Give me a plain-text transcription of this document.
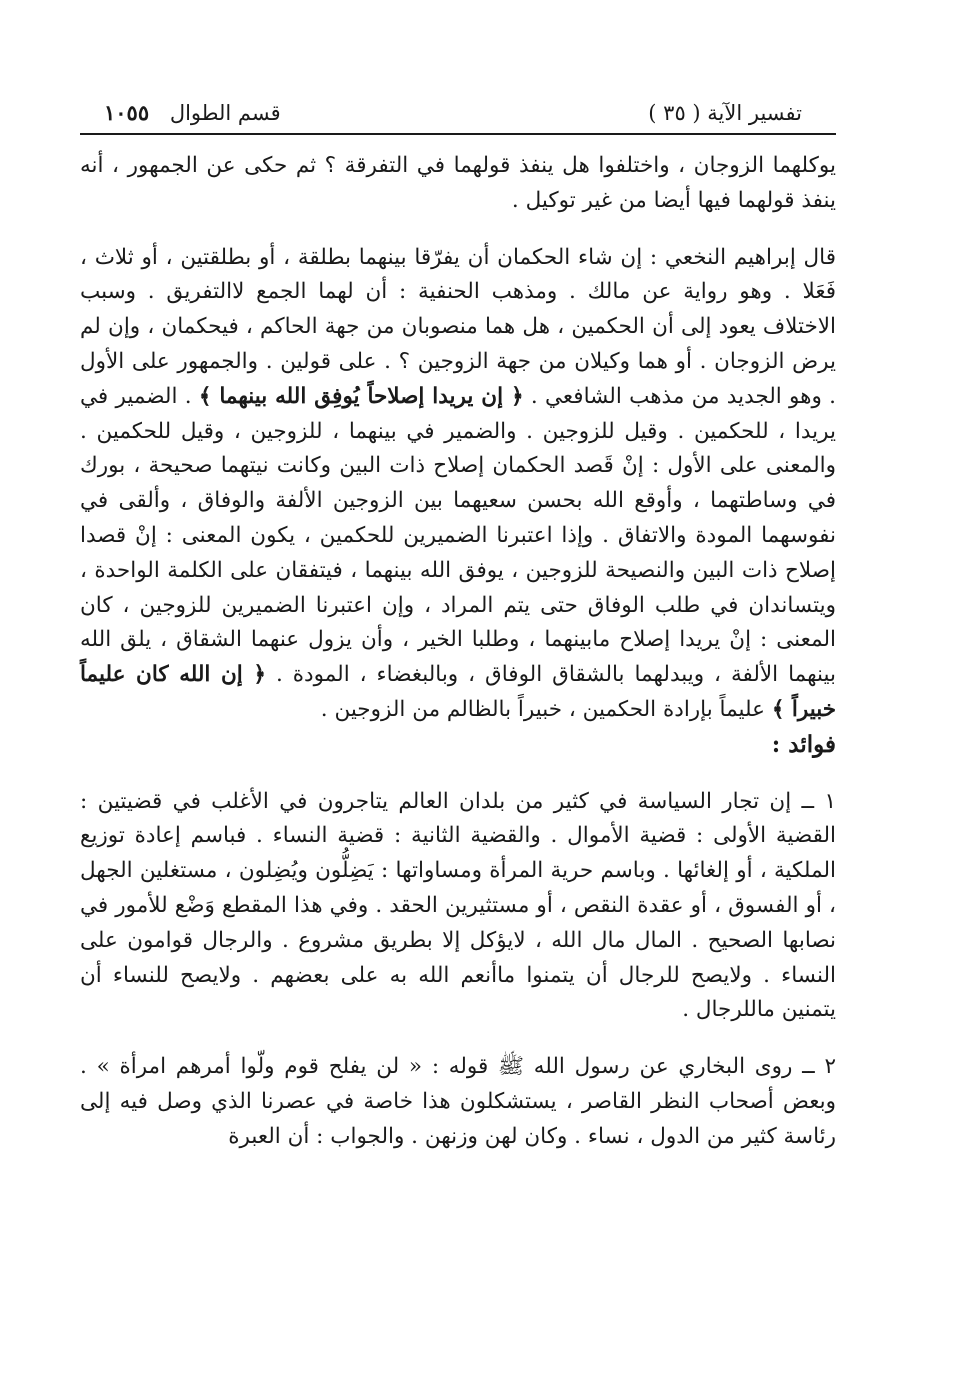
تفسير الآية ( ٣٥ )
قسم الطوال ١٠٥٥

يوكلهما الزوجان ، واختلفوا هل ينفذ قولهما في التفرقة ؟ ثم حكى عن الجمهور ، أنه ينفذ قولهما فيها أيضا من غير توكيل .

قال إبراهيم النخعي : إن شاء الحكمان أن يفرّقا بينهما بطلقة ، أو بطلقتين ، أو ثلاث ، فَعَلا . وهو رواية عن مالك . ومذهب الحنفية : أن لهما الجمع لاالتفريق . وسبب الاختلاف يعود إلى أن الحكمين ، هل هما منصوبان من جهة الحاكم ، فيحكمان ، وإن لم يرض الزوجان . أو هما وكيلان من جهة الزوجين ؟ . على قولين . والجمهور على الأول . وهو الجديد من مذهب الشافعي . ﴿ إن يريدا إصلاحاً يُوفِق الله بينهما ﴾ . الضمير في يريدا ، للحكمين . وقيل للزوجين . والضمير في بينهما ، للزوجين ، وقيل للحكمين . والمعنى على الأول : إنْ قَصد الحكمان إصلاح ذات البين وكانت نيتهما صحيحة ، بورك في وساطتهما ، وأوقع الله بحسن سعيهما بين الزوجين الألفة والوفاق ، وألقى في نفوسهما المودة والاتفاق . وإذا اعتبرنا الضميرين للحكمين ، يكون المعنى : إنْ قصدا إصلاح ذات البين والنصيحة للزوجين ، يوفق الله بينهما ، فيتفقان على الكلمة الواحدة ، ويتساندان في طلب الوفاق حتى يتم المراد ، وإن اعتبرنا الضميرين للزوجين ، كان المعنى : إنْ يريدا إصلاح مابينهما ، وطلبا الخير ، وأن يزول عنهما الشقاق ، يلق الله بينهما الألفة ، ويبدلهما بالشقاق الوفاق ، وبالبغضاء ، المودة . ﴿ إن الله كان عليماً خبيراً ﴾ عليماً بإرادة الحكمين ، خبيراً بالظالم من الزوجين .

فوائد :

١ ــ إن تجار السياسة في كثير من بلدان العالم يتاجرون في الأغلب في قضيتين : القضية الأولى : قضية الأموال . والقضية الثانية : قضية النساء . فباسم إعادة توزيع الملكية ، أو إلغائها . وباسم حرية المرأة ومساواتها : يَضِلُّون ويُضِلون ، مستغلين الجهل ، أو الفسوق ، أو عقدة النقص ، أو مستثيرين الحقد . وفي هذا المقطع وَضْع للأمور في نصابها الصحيح . المال مال الله ، لايؤكل إلا بطريق مشروع . والرجال قوامون على النساء . ولايصح للرجال أن يتمنوا ماأنعم الله به على بعضهم . ولايصح للنساء أن يتمنين ماللرجال .

٢ ــ روى البخاري عن رسول الله ﷺ قوله : « لن يفلح قوم ولّوا أمرهم امرأة » . وبعض أصحاب النظر القاصر ، يستشكلون هذا خاصة في عصرنا الذي وصل فيه إلى رئاسة كثير من الدول ، نساء . وكان لهن وزنهن . والجواب : أن العبرة
